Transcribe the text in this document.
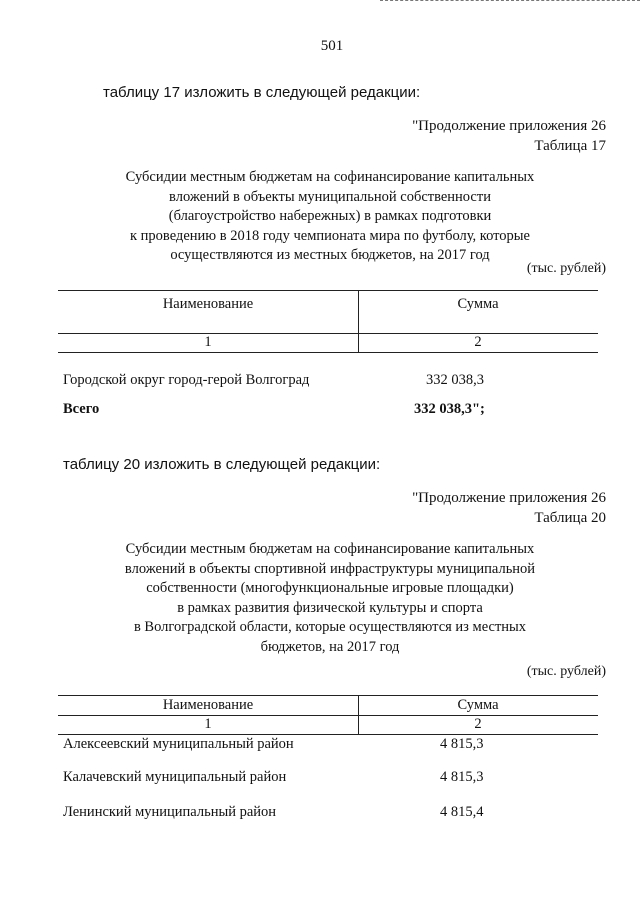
501
таблицу 17 изложить в следующей редакции:
"Продолжение приложения 26
Таблица 17
Субсидии местным бюджетам на софинансирование капитальных
вложений в объекты муниципальной собственности
(благоустройство набережных) в рамках подготовки
к проведению в 2018 году чемпионата мира по футболу, которые
осуществляются из местных бюджетов, на 2017 год
(тыс. рублей)
Наименование	Сумма
1	2
Городской округ город-герой Волгоград	332 038,3
Всего	332 038,3";
таблицу 20 изложить в следующей редакции:
"Продолжение приложения 26
Таблица 20
Субсидии местным бюджетам на софинансирование капитальных
вложений в объекты спортивной инфраструктуры муниципальной
собственности (многофункциональные игровые площадки)
в рамках развития физической культуры и спорта
в Волгоградской области, которые осуществляются из местных
бюджетов, на 2017 год
(тыс. рублей)
Наименование	Сумма
1	2
Алексеевский муниципальный район	4 815,3
Калачевский муниципальный район	4 815,3
Ленинский муниципальный район	4 815,4
